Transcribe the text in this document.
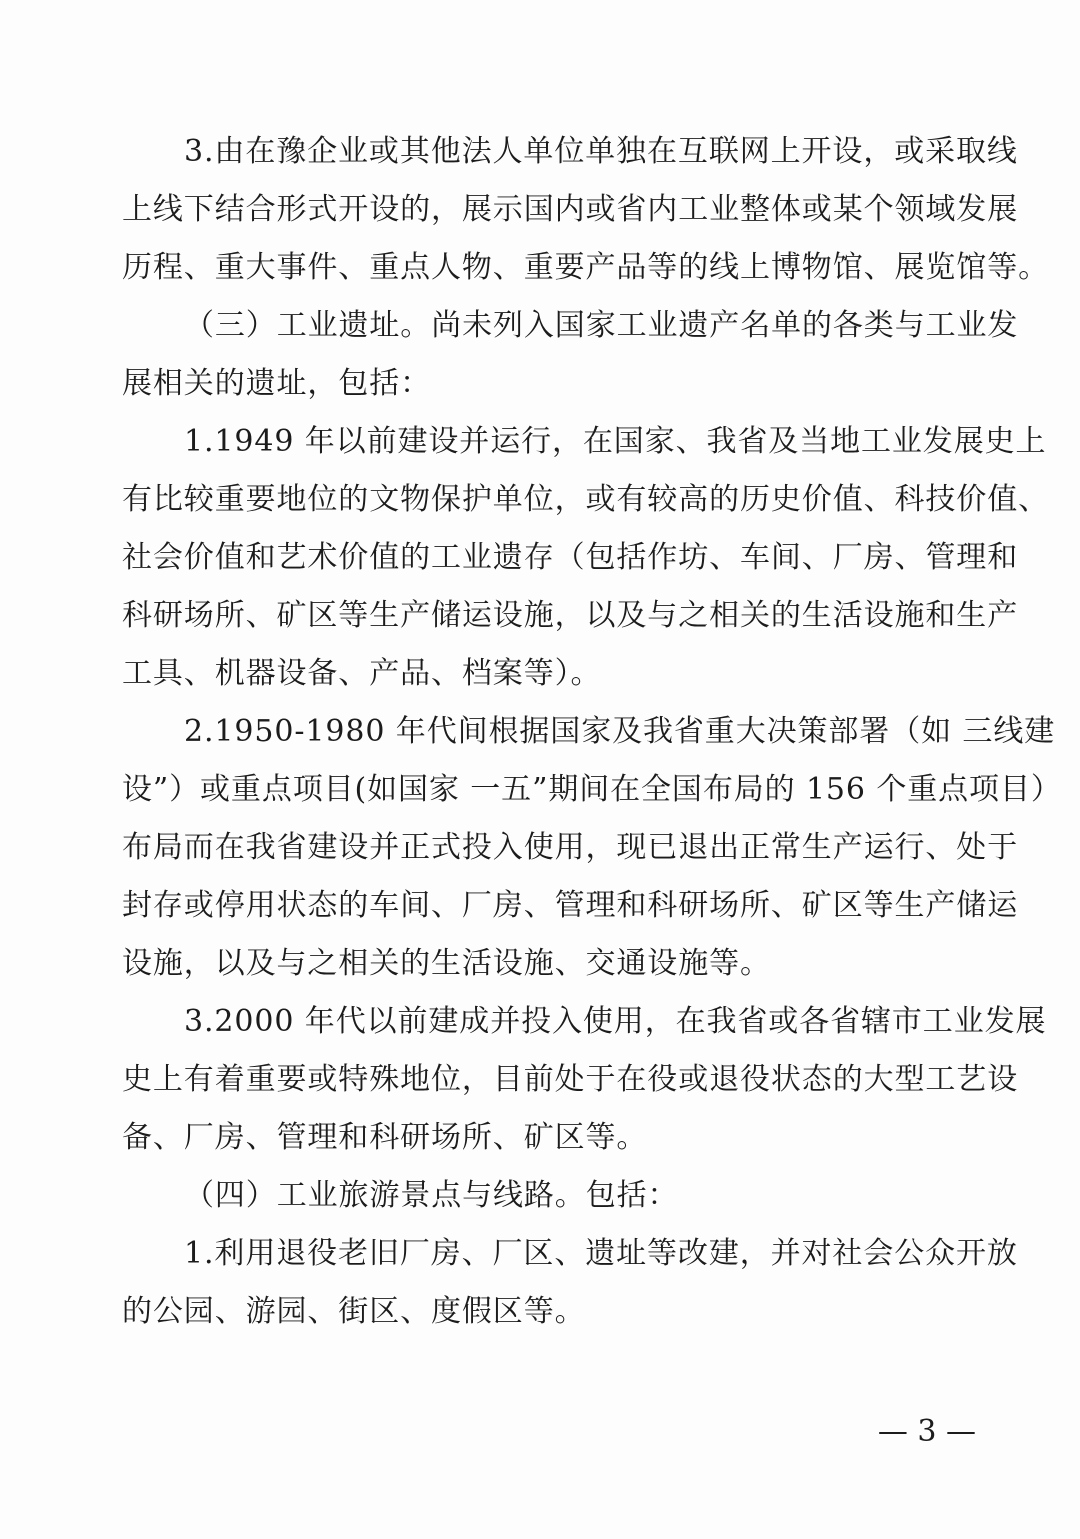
3.由在豫企业或其他法人单位单独在互联网上开设，或采取线
上线下结合形式开设的，展示国内或省内工业整体或某个领域发展
历程、重大事件、重点人物、重要产品等的线上博物馆、展览馆等。
（三）工业遗址。尚未列入国家工业遗产名单的各类与工业发
展相关的遗址，包括：
1.1949 年以前建设并运行，在国家、我省及当地工业发展史上
有比较重要地位的文物保护单位，或有较高的历史价值、科技价值、
社会价值和艺术价值的工业遗存（包括作坊、车间、厂房、管理和
科研场所、矿区等生产储运设施，以及与之相关的生活设施和生产
工具、机器设备、产品、档案等）。
2.1950-1980 年代间根据国家及我省重大决策部署（如 三线建
设”）或重点项目(如国家 一五”期间在全国布局的 156 个重点项目）
布局而在我省建设并正式投入使用，现已退出正常生产运行、处于
封存或停用状态的车间、厂房、管理和科研场所、矿区等生产储运
设施，以及与之相关的生活设施、交通设施等。
3.2000 年代以前建成并投入使用，在我省或各省辖市工业发展
史上有着重要或特殊地位，目前处于在役或退役状态的大型工艺设
备、厂房、管理和科研场所、矿区等。
（四）工业旅游景点与线路。包括：
1.利用退役老旧厂房、厂区、遗址等改建，并对社会公众开放
的公园、游园、街区、度假区等。
— 3 —
